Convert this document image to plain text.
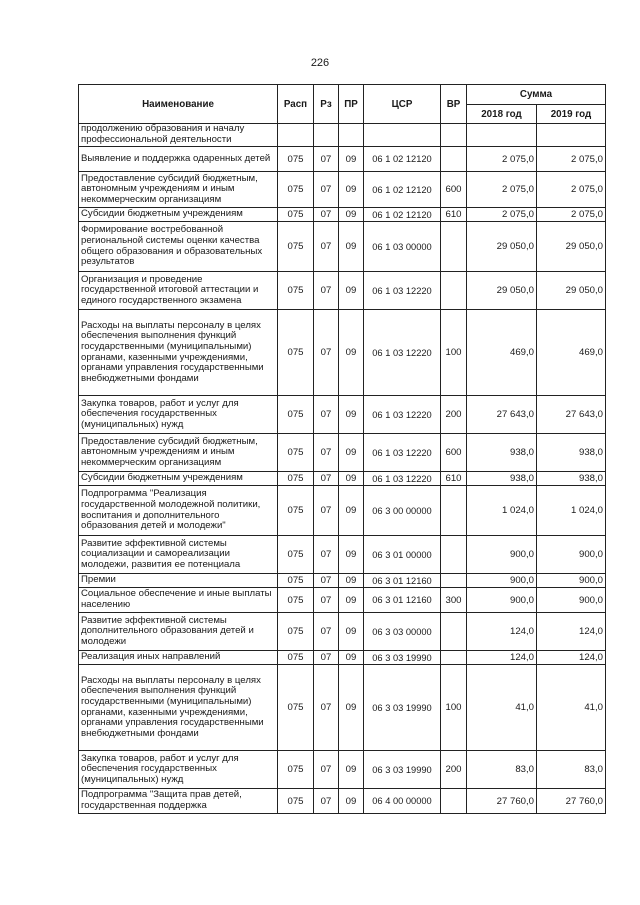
226
Наименование	Расп	Рз	ПР	ЦСР	ВР	Сумма	
						2018 год	2019 год
продолжению образования и началу профессиональной деятельности							
Выявление и поддержка одаренных детей	075	07	09	06 1 02 12120		2 075,0	2 075,0
Предоставление субсидий бюджетным, автономным учреждениям и иным некоммерческим организациям	075	07	09	06 1 02 12120	600	2 075,0	2 075,0
Субсидии бюджетным учреждениям	075	07	09	06 1 02 12120	610	2 075,0	2 075,0
Формирование востребованной региональной системы оценки качества общего образования и образовательных результатов	075	07	09	06 1 03 00000		29 050,0	29 050,0
Организация и проведение государственной итоговой аттестации и единого государственного экзамена	075	07	09	06 1 03 12220		29 050,0	29 050,0
Расходы на выплаты персоналу в целях обеспечения выполнения функций государственными (муниципальными) органами, казенными учреждениями, органами управления государственными внебюджетными фондами	075	07	09	06 1 03 12220	100	469,0	469,0
Закупка товаров, работ и услуг для обеспечения государственных (муниципальных) нужд	075	07	09	06 1 03 12220	200	27 643,0	27 643,0
Предоставление субсидий бюджетным, автономным учреждениям и иным некоммерческим организациям	075	07	09	06 1 03 12220	600	938,0	938,0
Субсидии бюджетным учреждениям	075	07	09	06 1 03 12220	610	938,0	938,0
Подпрограмма "Реализация государственной молодежной политики, воспитания и дополнительного образования детей и молодежи"	075	07	09	06 3 00 00000		1 024,0	1 024,0
Развитие эффективной системы социализации и самореализации молодежи, развития ее потенциала	075	07	09	06 3 01 00000		900,0	900,0
Премии	075	07	09	06 3 01 12160		900,0	900,0
Социальное обеспечение и иные выплаты населению	075	07	09	06 3 01 12160	300	900,0	900,0
Развитие эффективной системы дополнительного образования детей и молодежи	075	07	09	06 3 03 00000		124,0	124,0
Реализация иных направлений	075	07	09	06 3 03 19990		124,0	124,0
Расходы на выплаты персоналу в целях обеспечения выполнения функций государственными (муниципальными) органами, казенными учреждениями, органами управления государственными внебюджетными фондами	075	07	09	06 3 03 19990	100	41,0	41,0
Закупка товаров, работ и услуг для обеспечения государственных (муниципальных) нужд	075	07	09	06 3 03 19990	200	83,0	83,0
Подпрограмма "Защита прав детей, государственная поддержка	075	07	09	06 4 00 00000		27 760,0	27 760,0
